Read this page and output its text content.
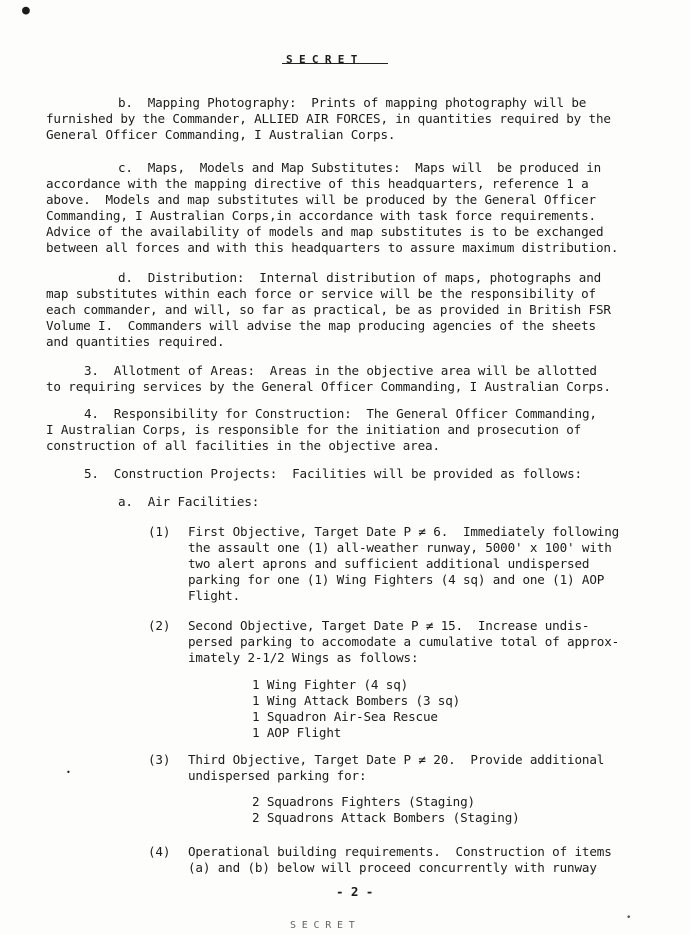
●
S E C R E T
b.  Mapping Photography:  Prints of mapping photography will be
furnished by the Commander, ALLIED AIR FORCES, in quantities required by the
General Officer Commanding, I Australian Corps.
c.  Maps,  Models and Map Substitutes:  Maps will  be produced in
accordance with the mapping directive of this headquarters, reference 1 a
above.  Models and map substitutes will be produced by the General Officer
Commanding, I Australian Corps,in accordance with task force requirements.
Advice of the availability of models and map substitutes is to be exchanged
between all forces and with this headquarters to assure maximum distribution.
d.  Distribution:  Internal distribution of maps, photographs and
map substitutes within each force or service will be the responsibility of
each commander, and will, so far as practical, be as provided in British FSR
Volume I.  Commanders will advise the map producing agencies of the sheets
and quantities required.
3.  Allotment of Areas:  Areas in the objective area will be allotted
to requiring services by the General Officer Commanding, I Australian Corps.
4.  Responsibility for Construction:  The General Officer Commanding,
I Australian Corps, is responsible for the initiation and prosecution of
construction of all facilities in the objective area.
5.  Construction Projects:  Facilities will be provided as follows:
a.  Air Facilities:
•
(1) First Objective, Target Date P ≠ 6.  Immediately following
the assault one (1) all-weather runway, 5000' x 100' with
two alert aprons and sufficient additional undispersed
parking for one (1) Wing Fighters (4 sq) and one (1) AOP
Flight.
(2) Second Objective, Target Date P ≠ 15.  Increase undis-
persed parking to accomodate a cumulative total of approx-
imately 2-1/2 Wings as follows:
1 Wing Fighter (4 sq)
1 Wing Attack Bombers (3 sq)
1 Squadron Air-Sea Rescue
1 AOP Flight
(3) Third Objective, Target Date P ≠ 20.  Provide additional
undispersed parking for:
2 Squadrons Fighters (Staging)
2 Squadrons Attack Bombers (Staging)
(4) Operational building requirements.  Construction of items
(a) and (b) below will proceed concurrently with runway
- 2 -
S E C R E T
•
